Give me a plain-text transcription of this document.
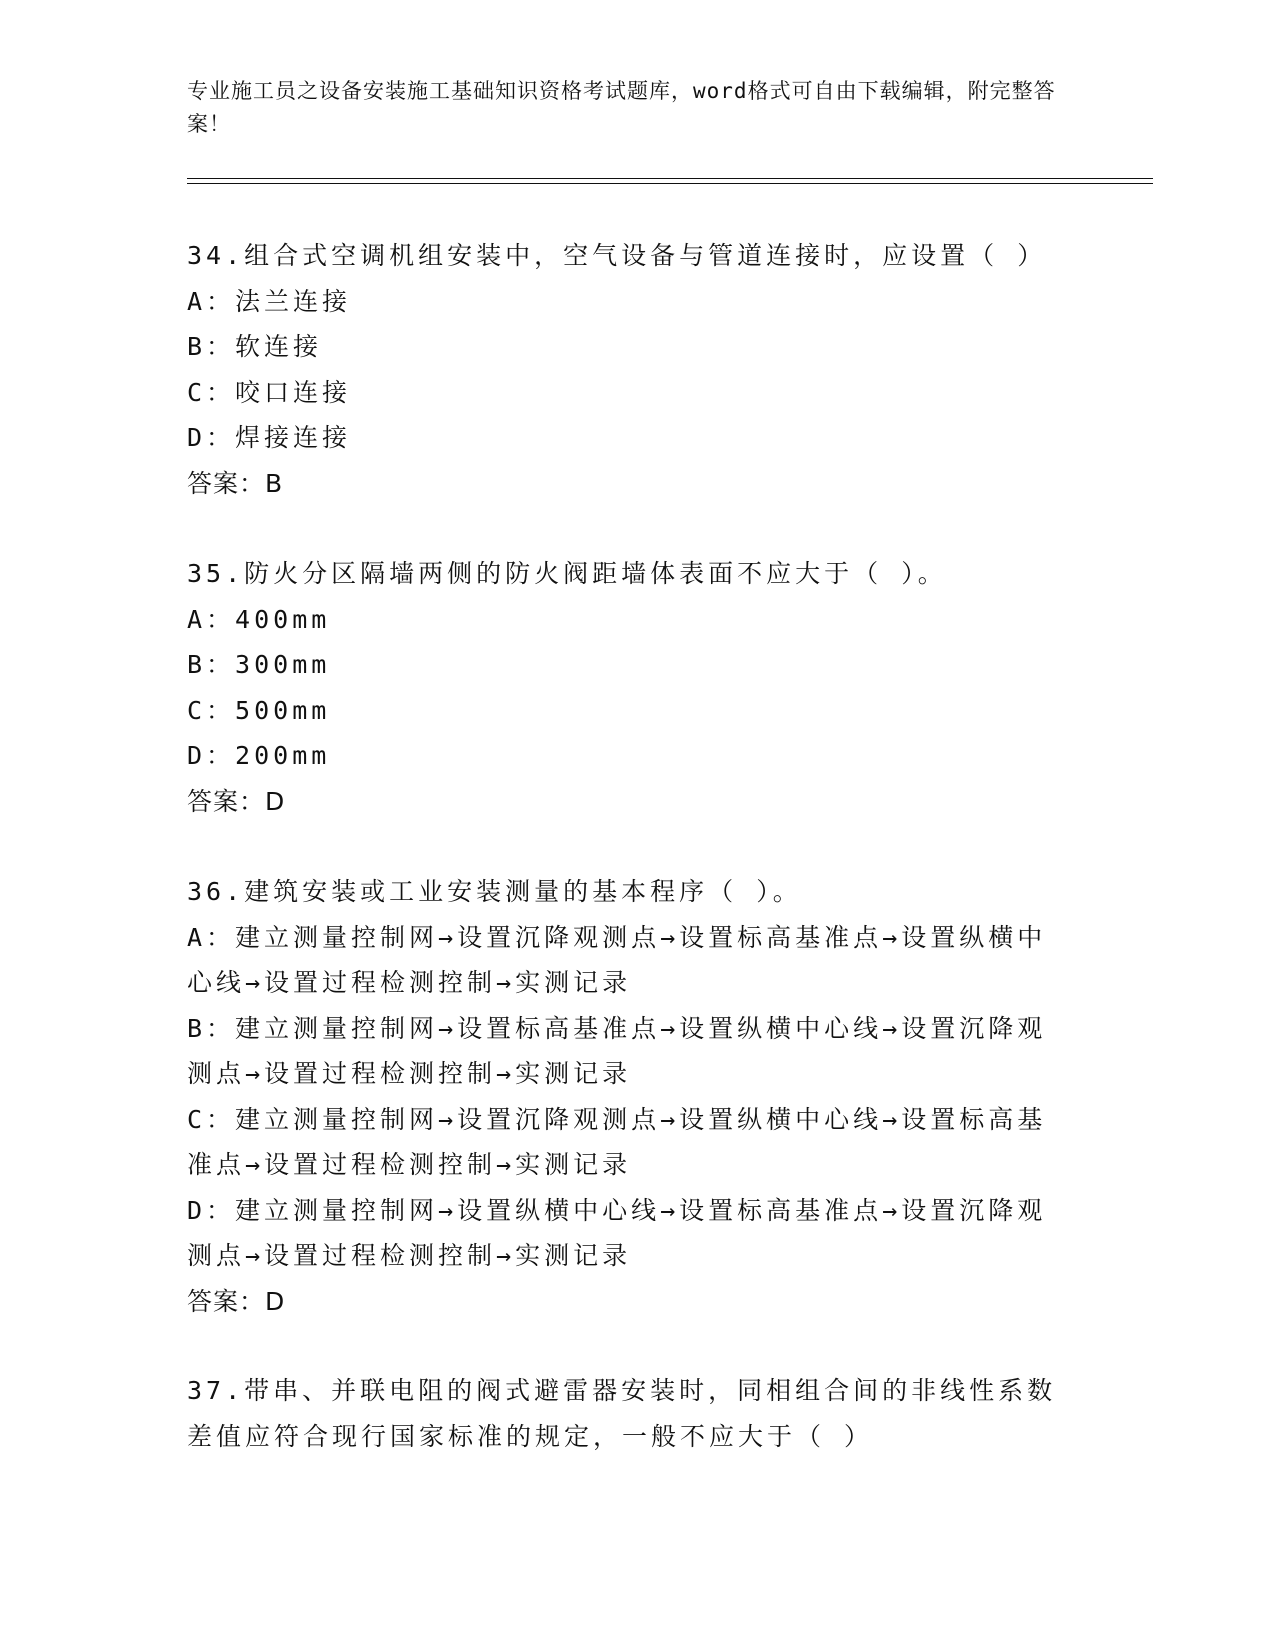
专业施工员之设备安装施工基础知识资格考试题库，word格式可自由下载编辑，附完整答案！
34.组合式空调机组安装中，空气设备与管道连接时，应设置（ ）
A：法兰连接
B：软连接
C：咬口连接
D：焊接连接
答案：B
35.防火分区隔墙两侧的防火阀距墙体表面不应大于（ ）。
A：400mm
B：300mm
C：500mm
D：200mm
答案：D
36.建筑安装或工业安装测量的基本程序（ ）。
A：建立测量控制网→设置沉降观测点→设置标高基准点→设置纵横中心线→设置过程检测控制→实测记录
B：建立测量控制网→设置标高基准点→设置纵横中心线→设置沉降观测点→设置过程检测控制→实测记录
C：建立测量控制网→设置沉降观测点→设置纵横中心线→设置标高基准点→设置过程检测控制→实测记录
D：建立测量控制网→设置纵横中心线→设置标高基准点→设置沉降观测点→设置过程检测控制→实测记录
答案：D
37.带串、并联电阻的阀式避雷器安装时，同相组合间的非线性系数差值应符合现行国家标准的规定，一般不应大于（ ）
